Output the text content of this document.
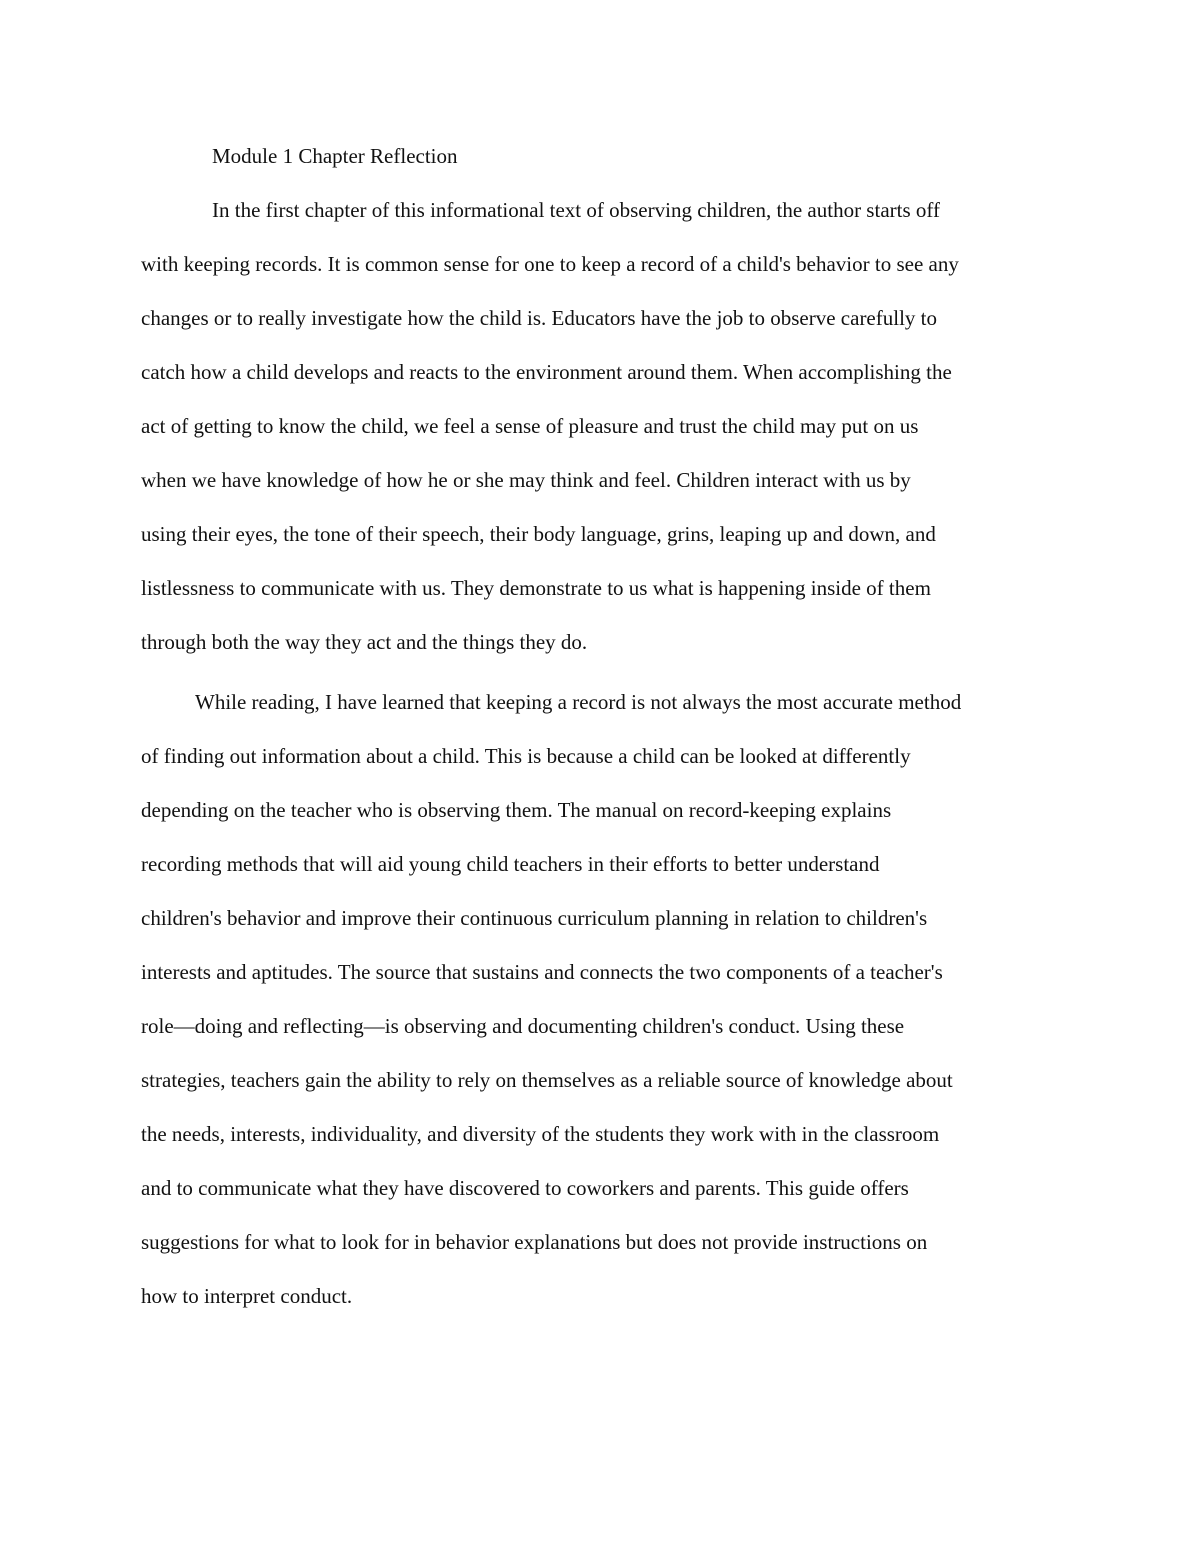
Module 1 Chapter Reflection
In the first chapter of this informational text of observing children, the author starts off
with keeping records. It is common sense for one to keep a record of a child's behavior to see any
changes or to really investigate how the child is. Educators have the job to observe carefully to
catch how a child develops and reacts to the environment around them. When accomplishing the
act of getting to know the child, we feel a sense of pleasure and trust the child may put on us
when we have knowledge of how he or she may think and feel. Children interact with us by
using their eyes, the tone of their speech, their body language, grins, leaping up and down, and
listlessness to communicate with us. They demonstrate to us what is happening inside of them
through both the way they act and the things they do.
While reading, I have learned that keeping a record is not always the most accurate method
of finding out information about a child. This is because a child can be looked at differently
depending on the teacher who is observing them. The manual on record-keeping explains
recording methods that will aid young child teachers in their efforts to better understand
children's behavior and improve their continuous curriculum planning in relation to children's
interests and aptitudes. The source that sustains and connects the two components of a teacher's
role—doing and reflecting—is observing and documenting children's conduct. Using these
strategies, teachers gain the ability to rely on themselves as a reliable source of knowledge about
the needs, interests, individuality, and diversity of the students they work with in the classroom
and to communicate what they have discovered to coworkers and parents. This guide offers
suggestions for what to look for in behavior explanations but does not provide instructions on
how to interpret conduct.
